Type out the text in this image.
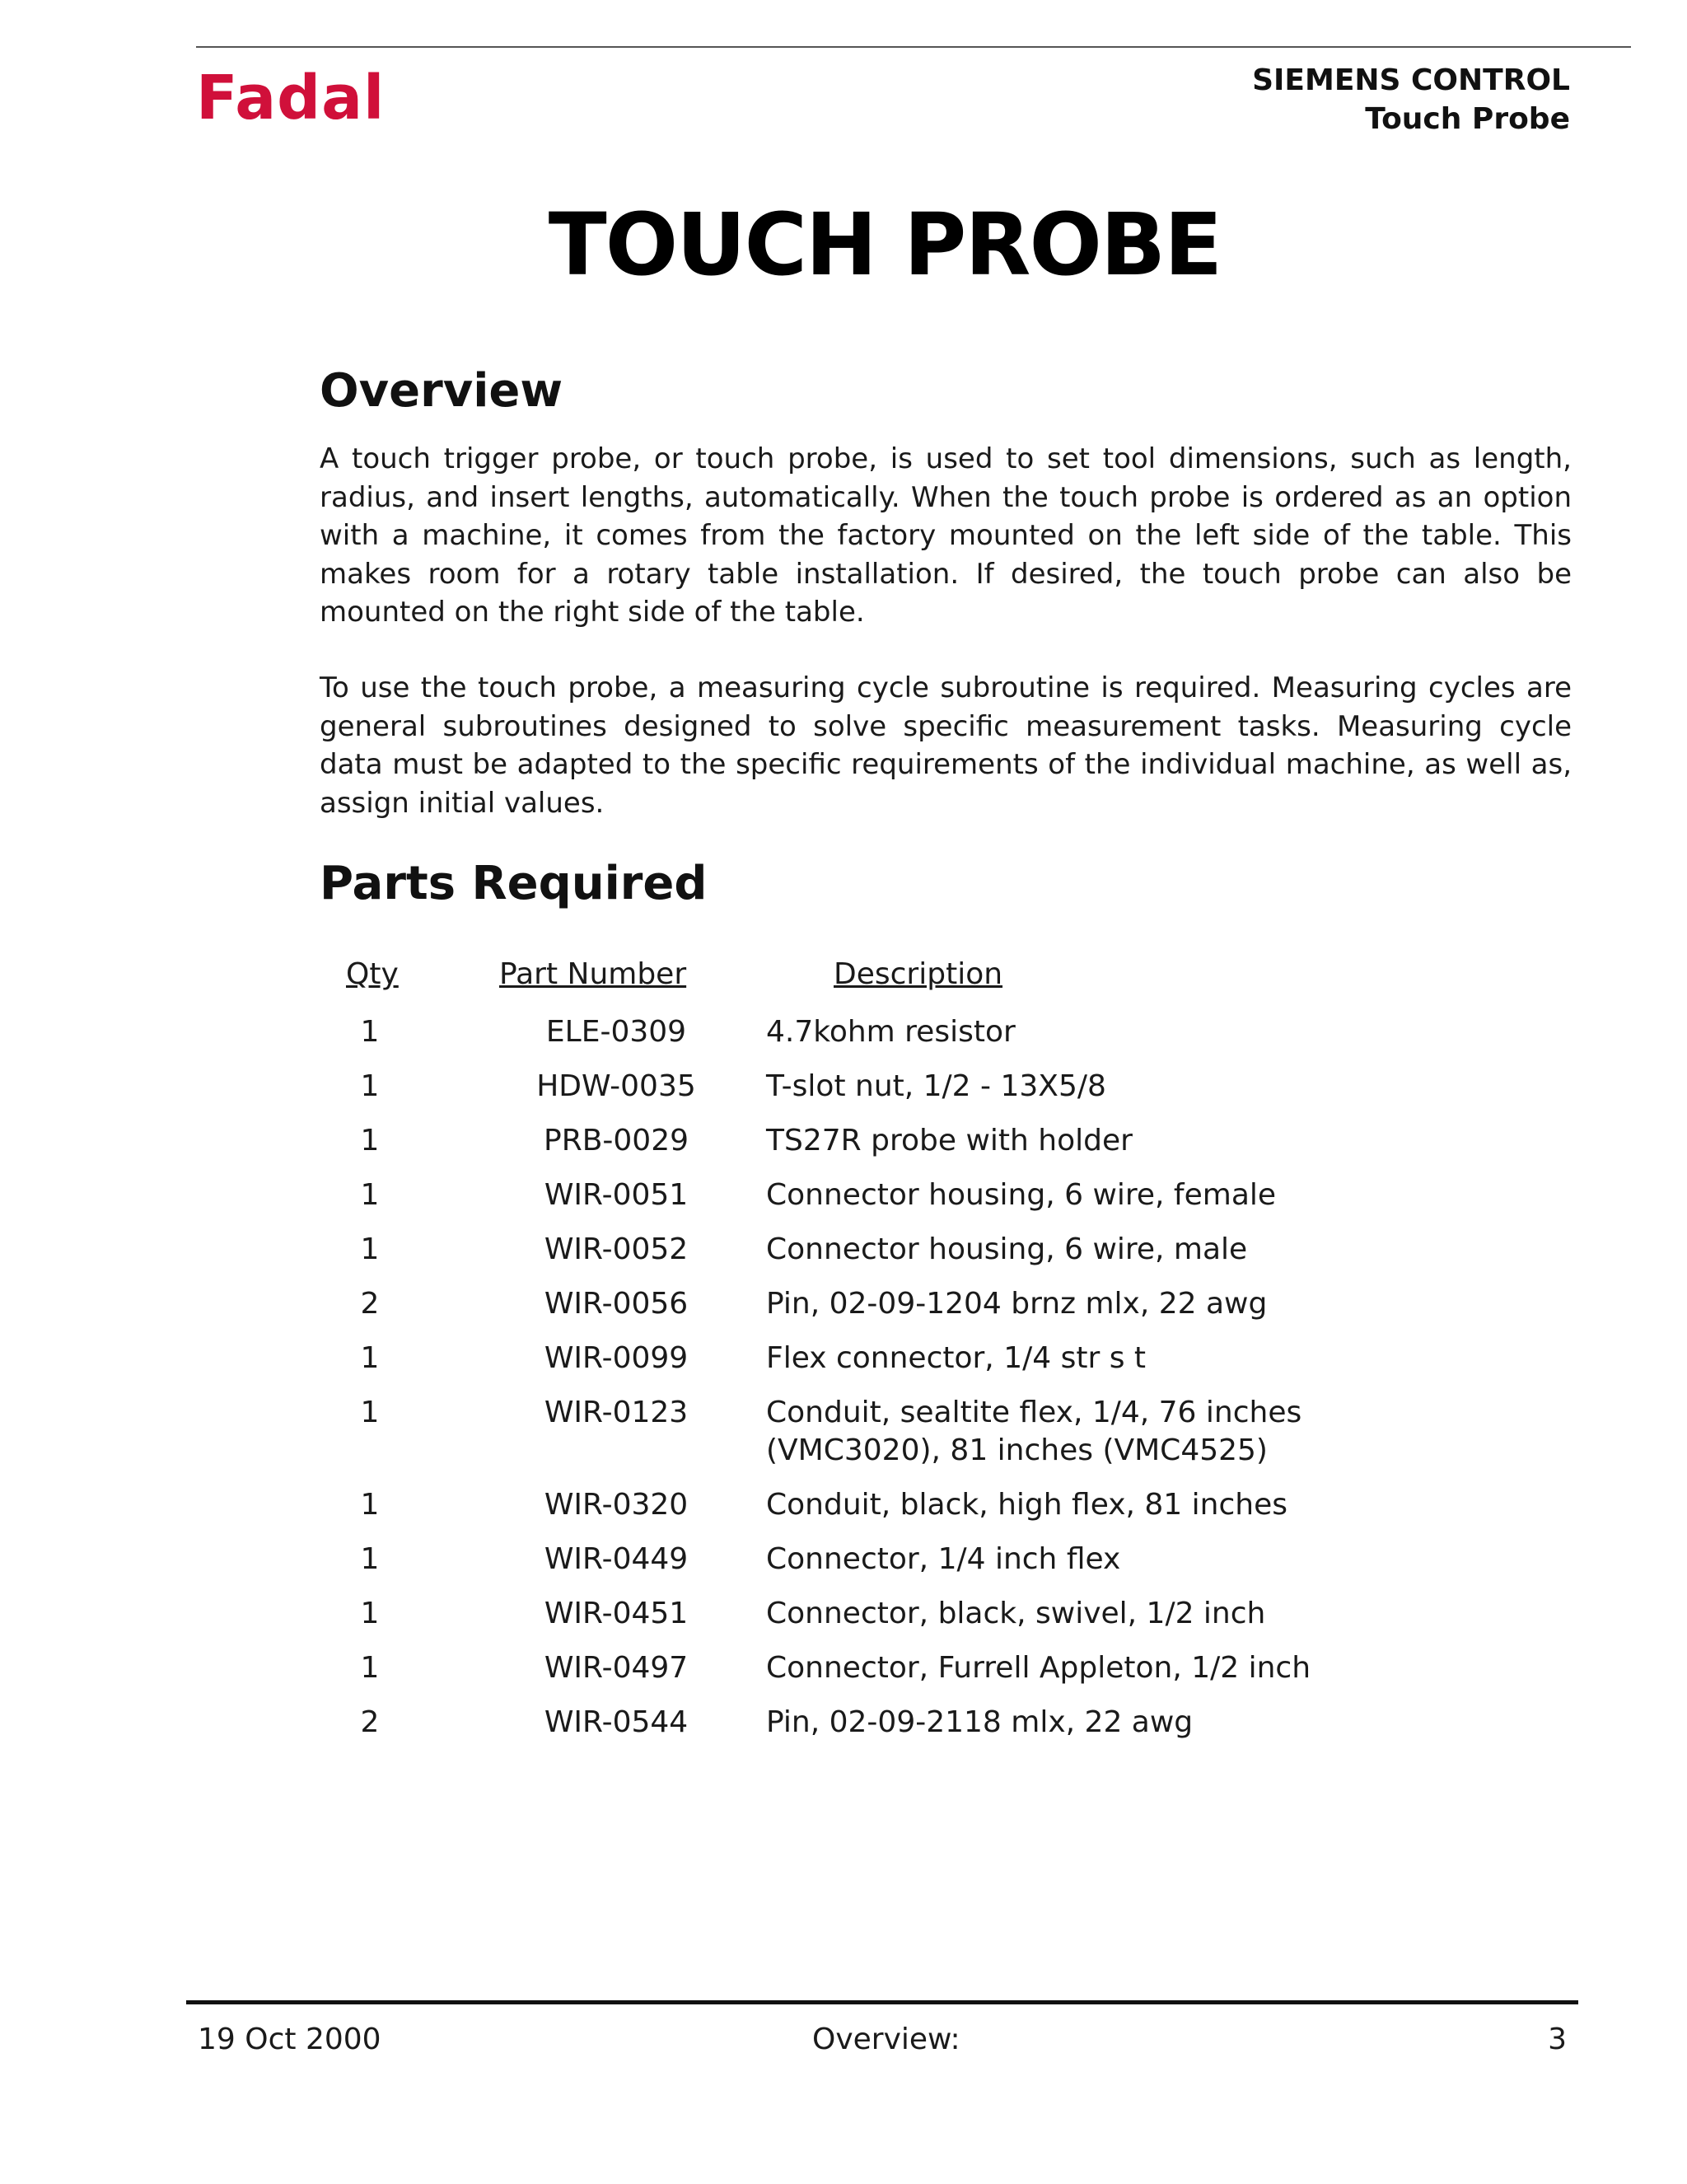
Fadal	SIEMENS CONTROL
Touch Probe
TOUCH PROBE
Overview
A touch trigger probe, or touch probe, is used to set tool dimensions, such as length, radius, and insert lengths, automatically. When the touch probe is ordered as an option with a machine, it comes from the factory mounted on the left side of the table. This makes room for a rotary table installation. If desired, the touch probe can also be mounted on the right side of the table.
To use the touch probe, a measuring cycle subroutine is required. Measuring cycles are general subroutines designed to solve specific measurement tasks. Measuring cycle data must be adapted to the specific requirements of the individual machine, as well as, assign initial values.
Parts Required
Qty	Part Number	Description
1	ELE-0309	4.7kohm resistor
1	HDW-0035	T-slot nut, 1/2 - 13X5/8
1	PRB-0029	TS27R probe with holder
1	WIR-0051	Connector housing, 6 wire, female
1	WIR-0052	Connector housing, 6 wire, male
2	WIR-0056	Pin, 02-09-1204 brnz mlx, 22 awg
1	WIR-0099	Flex connector, 1/4 str s t
1	WIR-0123	Conduit, sealtite flex, 1/4, 76 inches
(VMC3020), 81 inches (VMC4525)
1	WIR-0320	Conduit, black, high flex, 81 inches
1	WIR-0449	Connector, 1/4 inch flex
1	WIR-0451	Connector, black, swivel, 1/2 inch
1	WIR-0497	Connector, Furrell Appleton, 1/2 inch
2	WIR-0544	Pin, 02-09-2118 mlx, 22 awg
19 Oct 2000	Overview:	3
